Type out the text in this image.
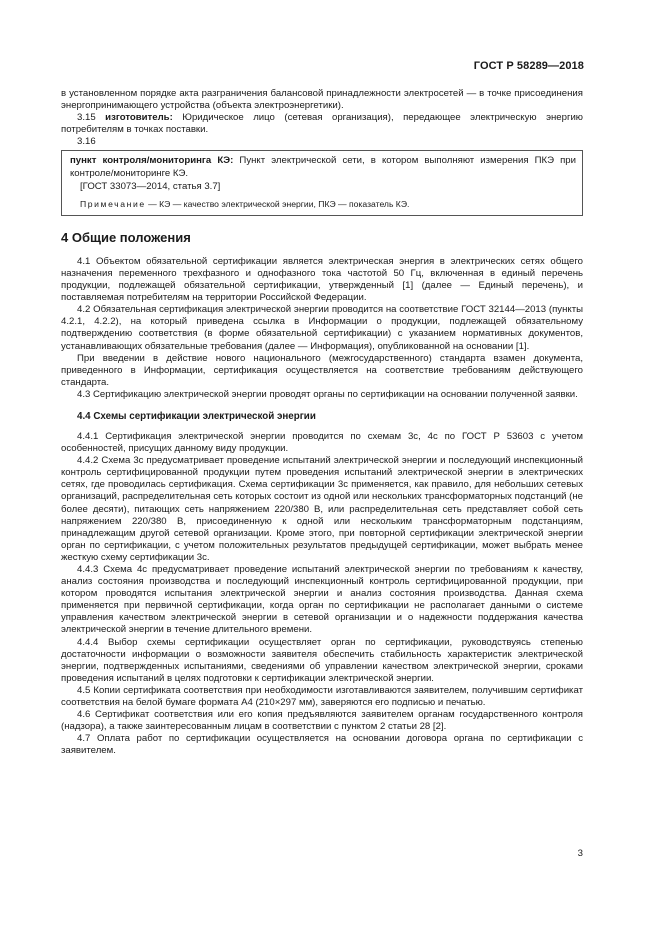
ГОСТ Р 58289—2018

в установленном порядке акта разграничения балансовой принадлежности электросетей — в точке присоединения энергопринимающего устройства (объекта электроэнергетики).

3.15 изготовитель: Юридическое лицо (сетевая организация), передающее электрическую энергию потребителям в точках поставки.

3.16

пункт контроля/мониторинга КЭ: Пункт электрической сети, в котором выполняют измерения ПКЭ при контроле/мониторинге КЭ.

[ГОСТ 33073—2014, статья 3.7]

Примечание — КЭ — качество электрической энергии, ПКЭ — показатель КЭ.

4 Общие положения

4.1 Объектом обязательной сертификации является электрическая энергия в электрических сетях общего назначения переменного трехфазного и однофазного тока частотой 50 Гц, включенная в единый перечень продукции, подлежащей обязательной сертификации, утвержденный [1] (далее — Единый перечень), и поставляемая потребителям на территории Российской Федерации.

4.2 Обязательная сертификация электрической энергии проводится на соответствие ГОСТ 32144—2013 (пункты 4.2.1, 4.2.2), на который приведена ссылка в Информации о продукции, подлежащей обязательному подтверждению соответствия (в форме обязательной сертификации) с указанием нормативных документов, устанавливающих обязательные требования (далее — Информация), опубликованной на основании [1].

При введении в действие нового национального (межгосударственного) стандарта взамен документа, приведенного в Информации, сертификация осуществляется на соответствие требованиям действующего стандарта.

4.3 Сертификацию электрической энергии проводят органы по сертификации на основании полученной заявки.

4.4 Схемы сертификации электрической энергии

4.4.1 Сертификация электрической энергии проводится по схемам 3с, 4с по ГОСТ Р 53603 с учетом особенностей, присущих данному виду продукции.

4.4.2 Схема 3с предусматривает проведение испытаний электрической энергии и последующий инспекционный контроль сертифицированной продукции путем проведения испытаний электрической энергии в электрических сетях, где проводилась сертификация. Схема сертификации 3с применяется, как правило, для небольших сетевых организаций, распределительная сеть которых состоит из одной или нескольких трансформаторных подстанций (не более десяти), питающих сеть напряжением 220/380 В, или распределительная сеть представляет собой сеть напряжением 220/380 В, присоединенную к одной или нескольким трансформаторным подстанциям, принадлежащим другой сетевой организации. Кроме этого, при повторной сертификации электрической энергии орган по сертификации, с учетом положительных результатов предыдущей сертификации, может выбрать менее жесткую схему сертификации 3с.

4.4.3 Схема 4с предусматривает проведение испытаний электрической энергии по требованиям к качеству, анализ состояния производства и последующий инспекционный контроль сертифицированной продукции, при котором проводятся испытания электрической энергии и анализ состояния производства. Данная схема применяется при первичной сертификации, когда орган по сертификации не располагает данными о системе управления качеством электрической энергии в сетевой организации и о надежности поддержания качества электрической энергии в течение длительного времени.

4.4.4 Выбор схемы сертификации осуществляет орган по сертификации, руководствуясь степенью достаточности информации о возможности заявителя обеспечить стабильность характеристик электрической энергии, подтвержденных испытаниями, сведениями об управлении качеством электрической энергии, сроками проведения испытаний в целях подготовки к сертификации электрической энергии.

4.5 Копии сертификата соответствия при необходимости изготавливаются заявителем, получившим сертификат соответствия на белой бумаге формата А4 (210×297 мм), заверяются его подписью и печатью.

4.6 Сертификат соответствия или его копия предъявляются заявителем органам государственного контроля (надзора), а также заинтересованным лицам в соответствии с пунктом 2 статьи 28 [2].

4.7 Оплата работ по сертификации осуществляется на основании договора органа по сертификации с заявителем.

3
